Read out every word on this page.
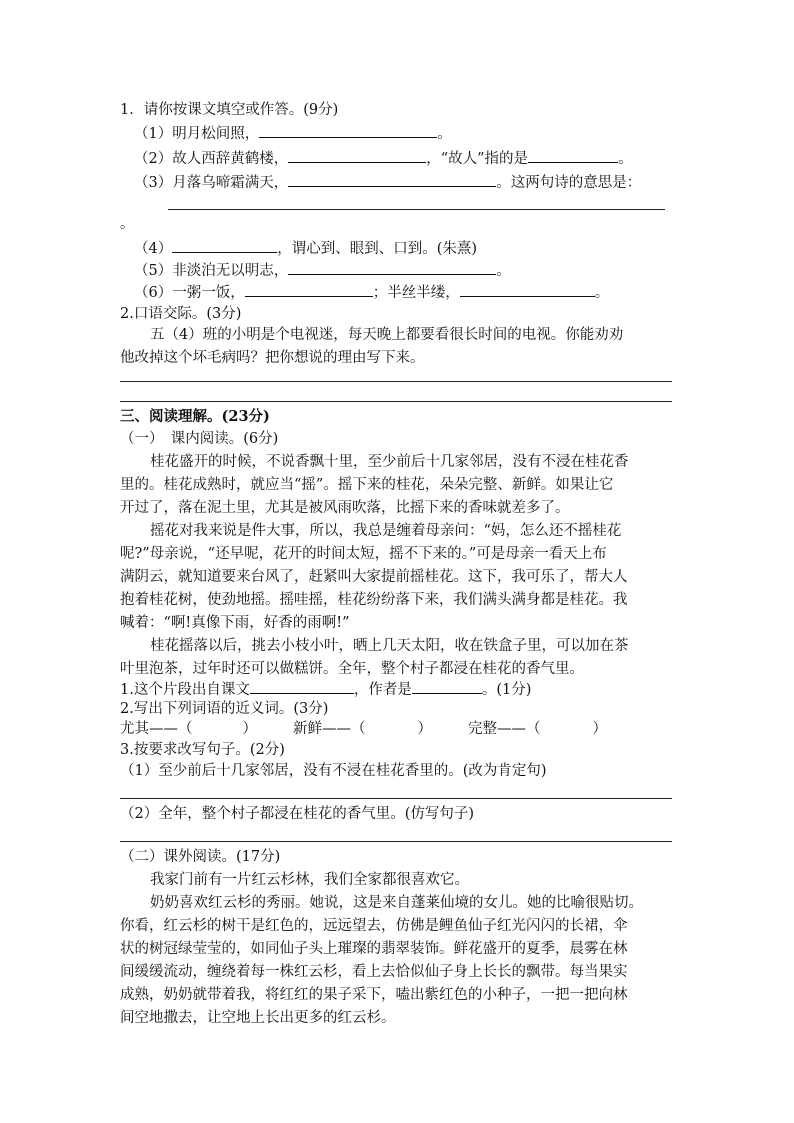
1．请你按课文填空或作答。(9分)
（1）明月松间照，	。
（2）故人西辞黄鹤楼，	，“故人”指的是	。
（3）月落乌啼霜满天，	。这两句诗的意思是：
。
（4）	，谓心到、眼到、口到。(朱熹)
（5）非淡泊无以明志，	。
（6）一粥一饭，	；半丝半缕，	。
2.口语交际。(3分)
五（4）班的小明是个电视迷，每天晚上都要看很长时间的电视。你能劝劝
他改掉这个坏毛病吗？把你想说的理由写下来。
三、阅读理解。(23分)
（一）　课内阅读。(6分)
桂花盛开的时候，不说香飘十里，至少前后十几家邻居，没有不浸在桂花香
里的。桂花成熟时，就应当“摇”。摇下来的桂花，朵朵完整、新鲜。如果让它
开过了，落在泥土里，尤其是被风雨吹落，比摇下来的香味就差多了。
摇花对我来说是件大事，所以，我总是缠着母亲问：“妈，怎么还不摇桂花
呢?”母亲说，“还早呢，花开的时间太短，摇不下来的。”可是母亲一看天上布
满阴云，就知道要来台风了，赶紧叫大家提前摇桂花。这下，我可乐了，帮大人
抱着桂花树，使劲地摇。摇哇摇，桂花纷纷落下来，我们满头满身都是桂花。我
喊着：“啊!真像下雨，好香的雨啊!”
桂花摇落以后，挑去小枝小叶，晒上几天太阳，收在铁盒子里，可以加在茶
叶里泡茶，过年时还可以做糕饼。全年，整个村子都浸在桂花的香气里。
1.这个片段出自课文	，作者是	。(1分)
2.写出下列词语的近义词。(3分)
尤其——（	） 新鲜——（	） 完整——（	）
3.按要求改写句子。(2分)
（1）至少前后十几家邻居，没有不浸在桂花香里的。(改为肯定句)
（2）全年，整个村子都浸在桂花的香气里。(仿写句子)
（二）课外阅读。(17分)
我家门前有一片红云杉林，我们全家都很喜欢它。
奶奶喜欢红云杉的秀丽。她说，这是来自蓬莱仙境的女儿。她的比喻很贴切。
你看，红云杉的树干是红色的，远远望去，仿佛是鲤鱼仙子红光闪闪的长裙，伞
状的树冠绿莹莹的，如同仙子头上璀璨的翡翠装饰。鲜花盛开的夏季，晨雾在林
间缓缓流动，缠绕着每一株红云杉，看上去恰似仙子身上长长的飘带。每当果实
成熟，奶奶就带着我，将红红的果子采下，嗑出紫红色的小种子，一把一把向林
间空地撒去，让空地上长出更多的红云杉。
